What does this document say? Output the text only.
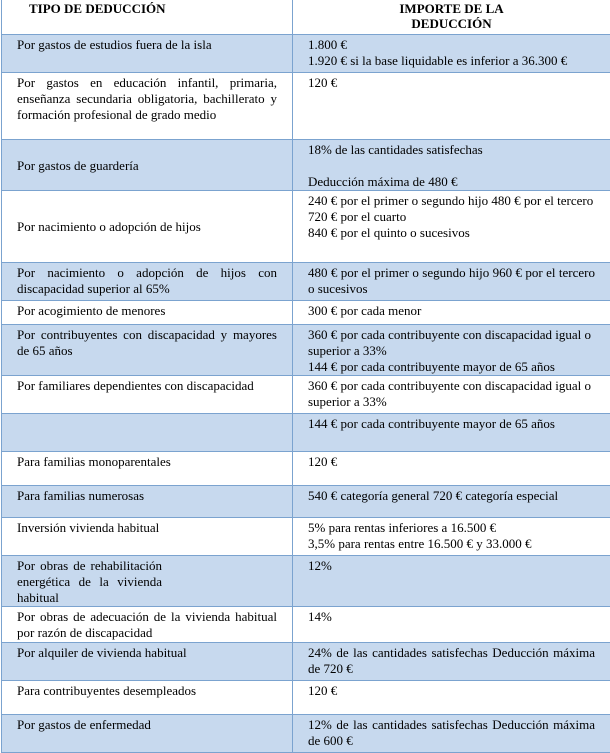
TIPO DE DEDUCCIÓN	IMPORTE DE LA
DEDUCCIÓN

Por gastos de estudios fuera de la isla	1.800 €
1.920 € si la base liquidable es inferior a 36.300 €

Por gastos en educación infantil, primaria, enseñanza secundaria obligatoria, bachillerato y formación profesional de grado medio	120 €

Por gastos de guardería	18% de las cantidades satisfechas
Deducción máxima de 480 €

Por nacimiento o adopción de hijos	240 € por el primer o segundo hijo 480 € por el tercero
720 € por el cuarto
840 € por el quinto o sucesivos

Por nacimiento o adopción de hijos con discapacidad superior al 65%	480 € por el primer o segundo hijo 960 € por el tercero o sucesivos

Por acogimiento de menores	300 € por cada menor

Por contribuyentes con discapacidad y mayores de 65 años	360 € por cada contribuyente con discapacidad igual o superior a 33%
144 € por cada contribuyente mayor de 65 años

Por familiares dependientes con discapacidad	360 € por cada contribuyente con discapacidad igual o superior a 33%

	144 € por cada contribuyente mayor de 65 años

Para familias monoparentales	120 €

Para familias numerosas	540 € categoría general 720 € categoría especial

Inversión vivienda habitual	5% para rentas inferiores a 16.500 €
3,5% para rentas entre 16.500 € y 33.000 €

Por obras de rehabilitación energética de la vivienda habitual	12%

Por obras de adecuación de la vivienda habitual por razón de discapacidad	14%

Por alquiler de vivienda habitual	24% de las cantidades satisfechas Deducción máxima de 720 €

Para contribuyentes desempleados	120 €

Por gastos de enfermedad	12% de las cantidades satisfechas Deducción máxima de 600 €
